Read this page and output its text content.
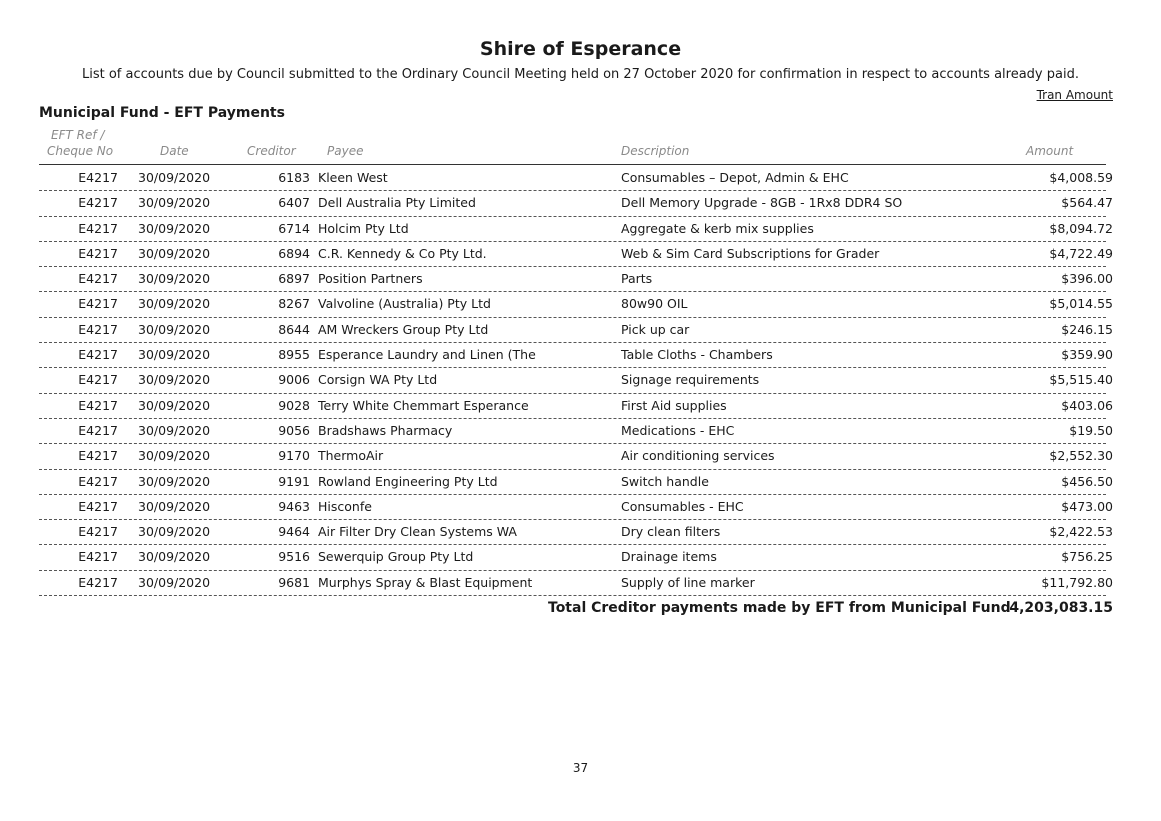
Shire of Esperance
List of accounts due by Council submitted to the Ordinary Council Meeting held on 27 October 2020 for confirmation in respect to accounts already paid.
Tran Amount
Municipal Fund - EFT Payments
EFT Ref /
Cheque No	Date	Creditor	Payee	Description	Amount
E4217 30/09/2020	6183 Kleen West	Consumables – Depot, Admin & EHC	$4,008.59
E4217 30/09/2020	6407 Dell Australia Pty Limited	Dell Memory Upgrade - 8GB - 1Rx8 DDR4 SO	$564.47
E4217 30/09/2020	6714 Holcim Pty Ltd	Aggregate & kerb mix supplies	$8,094.72
E4217 30/09/2020	6894 C.R. Kennedy & Co Pty Ltd.	Web & Sim Card Subscriptions for Grader	$4,722.49
E4217 30/09/2020	6897 Position Partners	Parts	$396.00
E4217 30/09/2020	8267 Valvoline (Australia) Pty Ltd	80w90 OIL	$5,014.55
E4217 30/09/2020	8644 AM Wreckers Group Pty Ltd	Pick up car	$246.15
E4217 30/09/2020	8955 Esperance Laundry and Linen (The	Table Cloths - Chambers	$359.90
E4217 30/09/2020	9006 Corsign WA Pty Ltd	Signage requirements	$5,515.40
E4217 30/09/2020	9028 Terry White Chemmart Esperance	First Aid supplies	$403.06
E4217 30/09/2020	9056 Bradshaws Pharmacy	Medications - EHC	$19.50
E4217 30/09/2020	9170 ThermoAir	Air conditioning services	$2,552.30
E4217 30/09/2020	9191 Rowland Engineering Pty Ltd	Switch handle	$456.50
E4217 30/09/2020	9463 Hisconfe	Consumables - EHC	$473.00
E4217 30/09/2020	9464 Air Filter Dry Clean Systems WA	Dry clean filters	$2,422.53
E4217 30/09/2020	9516 Sewerquip Group Pty Ltd	Drainage items	$756.25
E4217 30/09/2020	9681 Murphys Spray & Blast Equipment	Supply of line marker	$11,792.80
Total Creditor payments made by EFT from Municipal Fund
4,203,083.15
37
